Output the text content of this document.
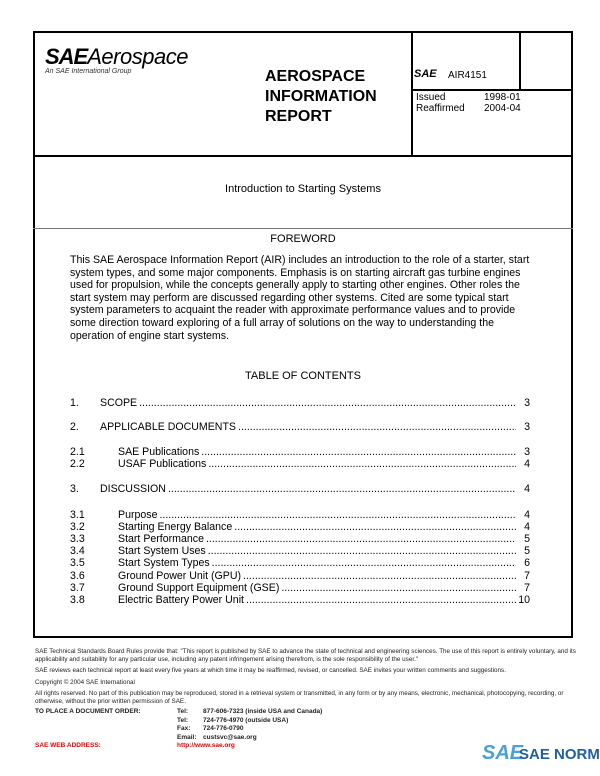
SAEAerospace
An SAE International Group	AEROSPACE
INFORMATION
REPORT
SAE AIR4151
Issued	1998-01
Reaffirmed 2004-04
Introduction to Starting Systems
FOREWORD
This SAE Aerospace Information Report (AIR) includes an introduction to the role of a starter, start system types, and some major components. Emphasis is on starting aircraft gas turbine engines used for propulsion, while the concepts generally apply to starting other engines. Other roles the start system may perform are discussed regarding other systems. Cited are some typical start system parameters to acquaint the reader with approximate performance values and to provide some direction toward exploring of a full array of solutions on the way to understanding the operation of engine start systems.
TABLE OF CONTENTS
1.	SCOPE .....	3
2.	APPLICABLE DOCUMENTS .....	3
2.1	SAE Publications .....	3
2.2	USAF Publications .....	4
3.	DISCUSSION .....	4
3.1	Purpose .....	4
3.2	Starting Energy Balance .....	4
3.3	Start Performance .....	5
3.4	Start System Uses .....	5
3.5	Start System Types .....	6
3.6	Ground Power Unit (GPU) .....	7
3.7	Ground Support Equipment (GSE) .....	7
3.8	Electric Battery Power Unit .....	10
SAE Technical Standards Board Rules provide that: "This report is published by SAE to advance the state of technical and engineering sciences. The use of this report is entirely voluntary, and its applicability and suitability for any particular use, including any patent infringement arising therefrom, is the sole responsibility of the user."
SAE reviews each technical report at least every five years at which time it may be reaffirmed, revised, or cancelled. SAE invites your written comments and suggestions.
Copyright © 2004 SAE International
All rights reserved. No part of this publication may be reproduced, stored in a retrieval system or transmitted, in any form or by any means, electronic, mechanical, photocopying, recording, or otherwise, without the prior written permission of SAE.
TO PLACE A DOCUMENT ORDER:	Tel: 877-606-7323 (inside USA and Canada)
Tel: 724-776-4970 (outside USA)
Fax: 724-776-0790
Email: custsvc@sae.org
SAE WEB ADDRESS:	http://www.sae.org	SAE
SAE NORM
